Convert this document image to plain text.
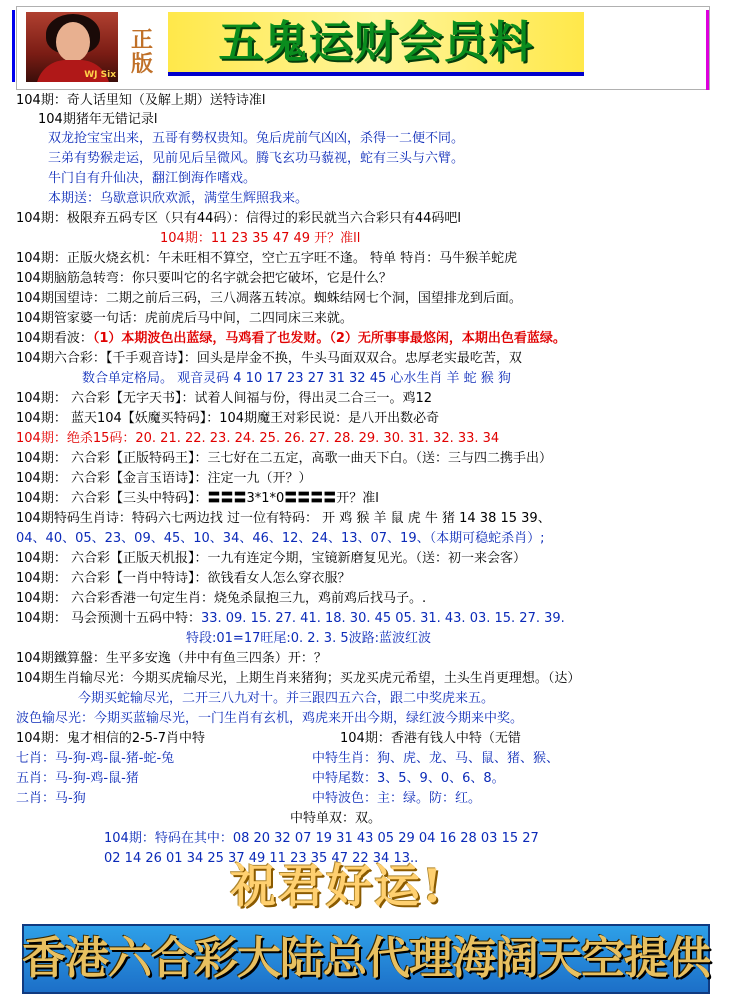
WJ Six
正版	五鬼运财会员料
104期：奇人话里知（及解上期）送特诗准l
104期猪年无错记录l
双龙抢宝宝出来，五哥有勢权贵知。兔后虎前气凶凶，杀得一二便不同。
三弟有势猴走运，见前见后呈微风。腾飞玄功马藐视，蛇有三头与六臂。
牛门自有升仙决，翻江倒海作嗜戏。
本期送：乌歇意识欣欢派，满堂生辉照我来。
104期：极限弃五码专区（只有44码）：信得过的彩民就当六合彩只有44码吧l
104期：11 23 35 47 49 开？准ll
104期：正版火烧玄机：午未旺相不算空，空亡五字旺不逢。 特单 特肖：马牛猴羊蛇虎
104期脑筋急转弯：你只要叫它的名字就会把它破坏，它是什么？
104期国望诗：二期之前后三码，三八凋落五转凉。蜘蛛结网七个洞，国望排龙到后面。
104期管家婆一句话：虎前虎后马中间，二四同床三来就。
104期看波：（1）本期波色出蓝绿，马鸡看了也发财。（2）无所事事最悠闲，本期出色看蓝绿。
104期六合彩：【千手观音诗】：回头是岸金不换，牛头马面双双合。忠厚老实最吃苦，双
数合单定格局。 观音灵码 4 10 17 23 27 31 32 45 心水生肖 羊 蛇 猴 狗
104期： 六合彩【无字天书】：试着人间福与份，得出灵二合三一。鸡12
104期： 蓝天104【妖魔买特码】：104期魔王对彩民说：是八开出数必奇
104期：绝杀15码：20. 21. 22. 23. 24. 25. 26. 27. 28. 29. 30. 31. 32. 33. 34
104期： 六合彩【正版特码王】：三七好在二五定，高歌一曲天下白。（送：三与四二携手出）
104期： 六合彩【金言玉语诗】：注定一九（开？）
104期： 六合彩【三头中特码】：〓〓〓3*1*0〓〓〓〓开？准l
104期特码生肖诗：特码六七两边找 过一位有特码： 开 鸡 猴 羊 鼠 虎 牛 猪 14 38 15 39、
04、40、05、23、09、45、10、34、46、12、24、13、07、19、（本期可稳蛇杀肖）;
104期： 六合彩【正版天机报】：一九有连定今期，宝镜新磨复见光。（送：初一来会客）
104期： 六合彩【一肖中特诗】：欲钱看女人怎么穿衣服？
104期： 六合彩香港一句定生肖：烧兔杀鼠抱三九，鸡前鸡后找马子。.
104期： 马会预测十五码中特：33. 09. 15. 27. 41. 18. 30. 45 05. 31. 43. 03. 15. 27. 39.
特段:01=17旺尾:0. 2. 3. 5波路:蓝波红波
104期鐵算盤：生平多安逸（井中有鱼三四条）开：？
104期生肖输尽光：今期买虎输尽光，上期生肖来猪狗；买龙买虎元希望，土头生肖更理想。（达）
今期买蛇输尽光，二开三八九对十。并三跟四五六合，跟二中奖虎来五。
波色输尽光：今期买蓝输尽光，一门生肖有玄机，鸡虎来开出今期，绿红波今期来中奖。
104期：鬼才相信的2-5-7肖中特	104期：香港有钱人中特（无错
七肖：马-狗-鸡-鼠-猪-蛇-兔	中特生肖：狗、虎、龙、马、鼠、猪、猴、
五肖：马-狗-鸡-鼠-猪	中特尾数：3、5、9、0、6、8。
二肖：马-狗	中特波色：主：绿。防：红。
中特单双：双。
104期：特码在其中：08 20 32 07 19 31 43 05 29 04 16 28 03 15 27
02 14 26 01 34 25 37 49 11 23 35 47 22 34 13..
祝君好运!
香港六合彩大陆总代理海阔天空提供
